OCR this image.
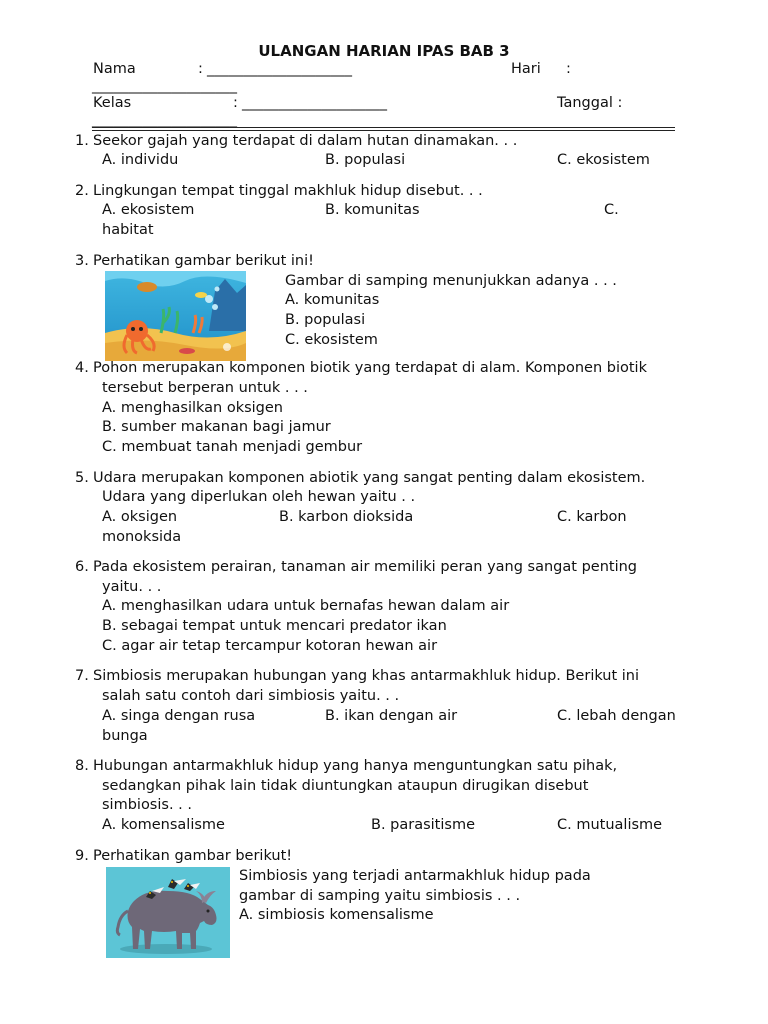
ULANGAN HARIAN IPAS BAB 3
Nama	: ____________________	Hari :
____________________
Kelas	: ____________________	Tanggal :
____________________
1. Seekor gajah yang terdapat di dalam hutan dinamakan. . .
A. individu	B. populasi	C. ekosistem
2. Lingkungan tempat tinggal makhluk hidup disebut. . .
A. ekosistem	B. komunitas	C.
habitat
3. Perhatikan gambar berikut ini!
Gambar di samping menunjukkan adanya . . .
A. komunitas
B. populasi
C. ekosistem
4. Pohon merupakan komponen biotik yang terdapat di alam. Komponen biotik
tersebut berperan untuk . . .
A. menghasilkan oksigen
B. sumber makanan bagi jamur
C. membuat tanah menjadi gembur
5. Udara merupakan komponen abiotik yang sangat penting dalam ekosistem.
Udara yang diperlukan oleh hewan yaitu . .
A. oksigen	B. karbon dioksida	C. karbon
monoksida
6. Pada ekosistem perairan, tanaman air memiliki peran yang sangat penting
yaitu. . .
A. menghasilkan udara untuk bernafas hewan dalam air
B. sebagai tempat untuk mencari predator ikan
C. agar air tetap tercampur kotoran hewan air
7. Simbiosis merupakan hubungan yang khas antarmakhluk hidup. Berikut ini
salah satu contoh dari simbiosis yaitu. . .
A. singa dengan rusa	B. ikan dengan air	C. lebah dengan
bunga
8. Hubungan antarmakhluk hidup yang hanya menguntungkan satu pihak,
sedangkan pihak lain tidak diuntungkan ataupun dirugikan disebut
simbiosis. . .
A. komensalisme	B. parasitisme	C. mutualisme
9. Perhatikan gambar berikut!
Simbiosis yang terjadi antarmakhluk hidup pada
gambar di samping yaitu simbiosis . . .
A. simbiosis komensalisme
